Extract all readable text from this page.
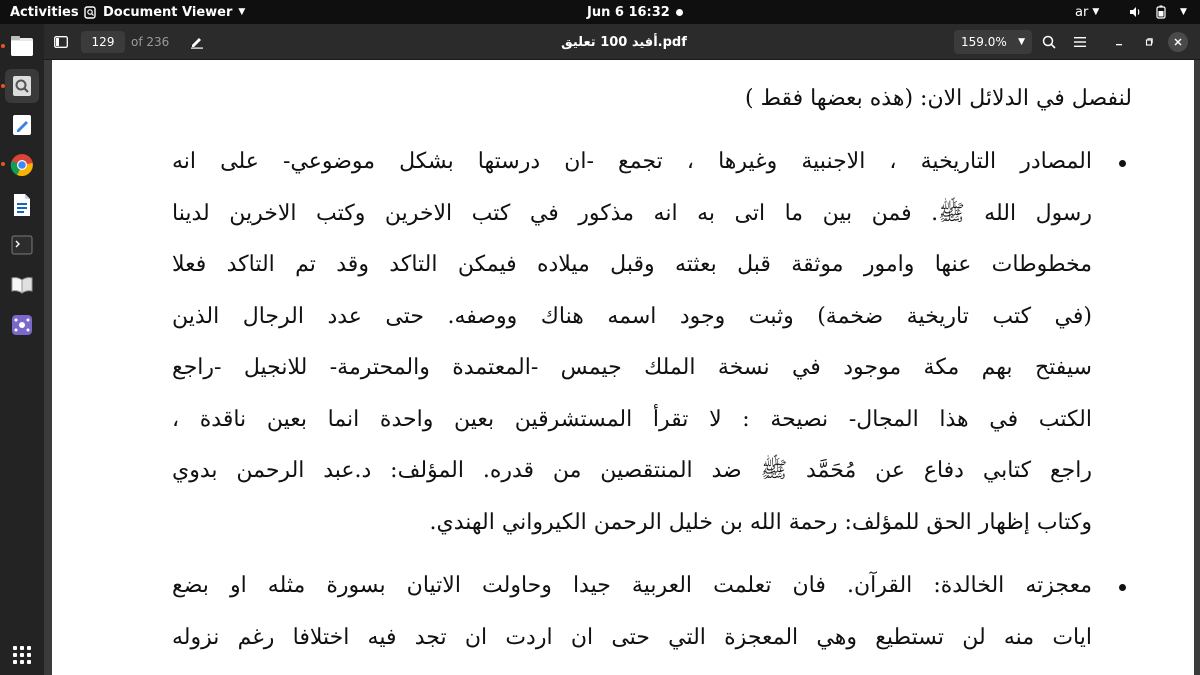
Activities Document Viewer ▼	Jun 6 16:32	ar ▼	▼
129	of 236	أفيد 100 تعليق.pdf	159.0% ▼
لنفصل في الدلائل الان: (هذه بعضها فقط )
المصادر التاريخية ، الاجنبية وغيرها ، تجمع -ان درستها بشكل موضوعي- على انه
رسول الله ﷺ. فمن بين ما اتى به انه مذكور في كتب الاخرين وكتب الاخرين لدينا
مخطوطات عنها وامور موثقة قبل بعثته وقبل ميلاده فيمكن التاكد وقد تم التاكد فعلا
(في كتب تاريخية ضخمة) وثبت وجود اسمه هناك ووصفه. حتى عدد الرجال الذين
سيفتح بهم مكة موجود في نسخة الملك جيمس -المعتمدة والمحترمة- للانجيل -راجع
الكتب في هذا المجال- نصيحة : لا تقرأ المستشرقين بعين واحدة انما بعين ناقدة ،
راجع كتابي دفاع عن مُحَمَّد ﷺ ضد المنتقصين من قدره. المؤلف: د.عبد الرحمن بدوي
وكتاب إظهار الحق للمؤلف: رحمة الله بن خليل الرحمن الكيرواني الهندي.
معجزته الخالدة: القرآن. فان تعلمت العربية جيدا وحاولت الاتيان بسورة مثله او بضع
ايات منه لن تستطيع وهي المعجزة التي حتى ان اردت ان تجد فيه اختلافا رغم نزوله
